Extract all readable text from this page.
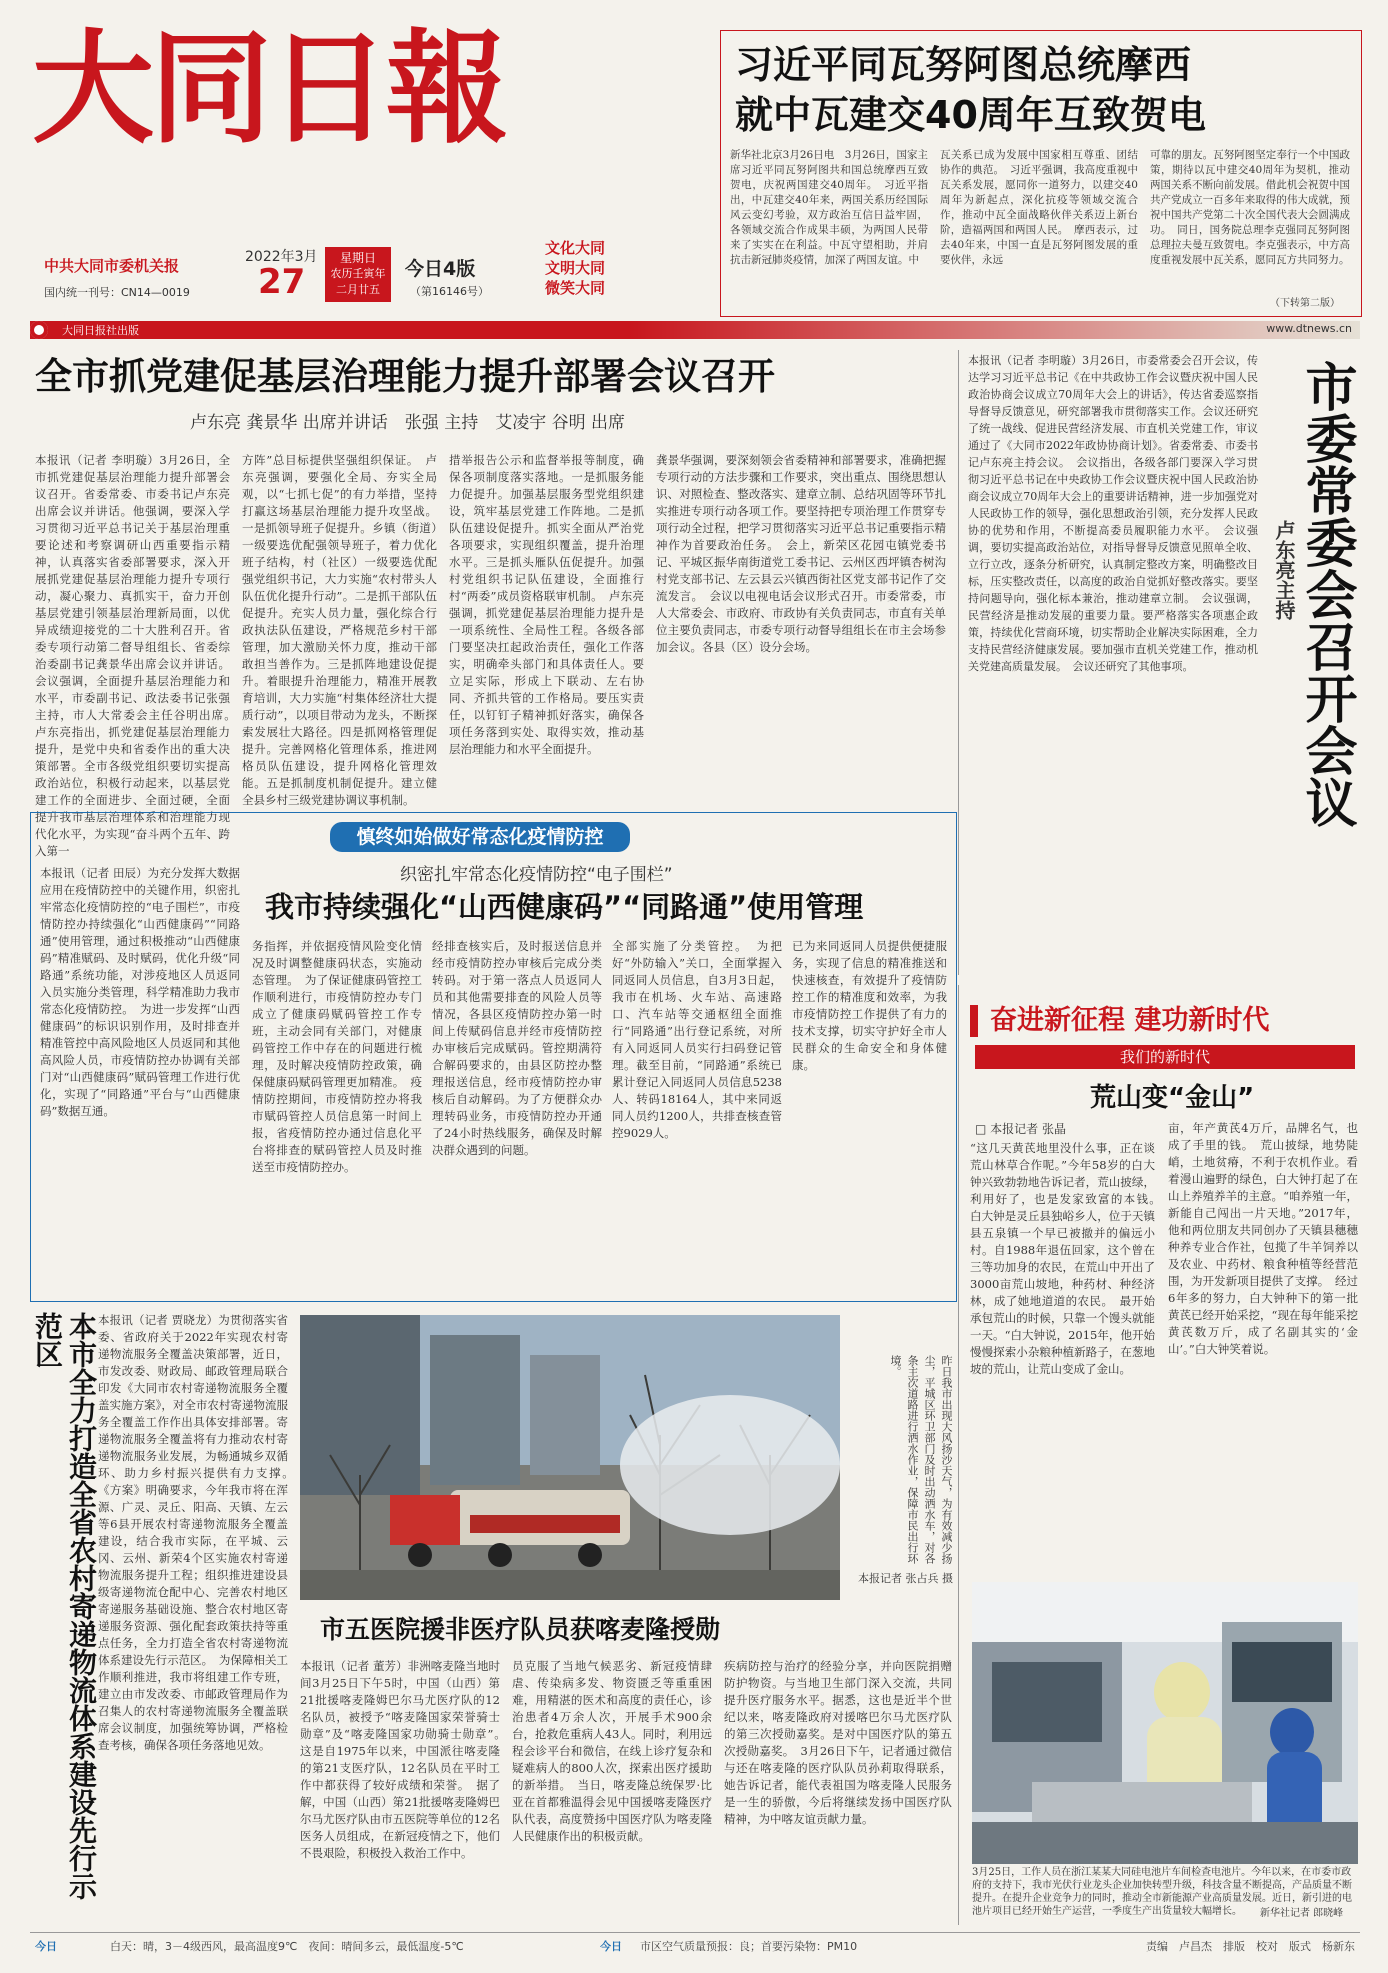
大同日報
中共大同市委机关报
国内统一刊号：CN14—0019
2022年3月
27
星期日
农历壬寅年
二月廿五
今日4版
（第16146号）
文化大同
文明大同
微笑大同
大同日报社出版	www.dtnews.cn
习近平同瓦努阿图总统摩西
就中瓦建交40周年互致贺电
新华社北京3月26日电　3月26日，国家主席习近平同瓦努阿图共和国总统摩西互致贺电，庆祝两国建交40周年。　习近平指出，中瓦建交40年来，两国关系历经国际风云变幻考验，双方政治互信日益牢固，各领域交流合作成果丰硕，为两国人民带来了实实在在利益。中瓦守望相助，并肩抗击新冠肺炎疫情，加深了两国友谊。中
瓦关系已成为发展中国家相互尊重、团结协作的典范。　习近平强调，我高度重视中瓦关系发展，愿同你一道努力，以建交40周年为新起点，深化抗疫等领域交流合作，推动中瓦全面战略伙伴关系迈上新台阶，造福两国和两国人民。　摩西表示，过去40年来，中国一直是瓦努阿图发展的重要伙伴，永远
可靠的朋友。瓦努阿图坚定奉行一个中国政策，期待以瓦中建交40周年为契机，推动两国关系不断向前发展。借此机会祝贺中国共产党成立一百多年来取得的伟大成就，预祝中国共产党第二十次全国代表大会圆满成功。　同日，国务院总理李克强同瓦努阿图总理拉夫曼互致贺电。李克强表示，中方高度重视发展中瓦关系，愿同瓦方共同努力。
（下转第二版）
全市抓党建促基层治理能力提升部署会议召开
卢东亮 龚景华 出席并讲话　张强 主持　艾凌宇 谷明 出席
本报讯（记者 李明璇）3月26日，全市抓党建促基层治理能力提升部署会议召开。省委常委、市委书记卢东亮出席会议并讲话。他强调，要深入学习贯彻习近平总书记关于基层治理重要论述和考察调研山西重要指示精神，认真落实省委部署要求，深入开展抓党建促基层治理能力提升专项行动，凝心聚力、真抓实干，奋力开创基层党建引领基层治理新局面，以优异成绩迎接党的二十大胜利召开。省委专项行动第二督导组组长、省委综治委副书记龚景华出席会议并讲话。会议强调，全面提升基层治理能力和水平，市委副书记、政法委书记张强主持，市人大常委会主任谷明出席。　卢东亮指出，抓党建促基层治理能力提升，是党中央和省委作出的重大决策部署。全市各级党组织要切实提高政治站位，积极行动起来，以基层党建工作的全面进步、全面过硬，全面提升我市基层治理体系和治理能力现代化水平，为实现“奋斗两个五年、跨入第一
方阵”总目标提供坚强组织保证。　卢东亮强调，要强化全局、夯实全局观，以“七抓七促”的有力举措，坚持打赢这场基层治理能力提升攻坚战。一是抓领导班子促提升。乡镇（街道）一级要选优配强领导班子，着力优化班子结构，村（社区）一级要选优配强党组织书记，大力实施“农村带头人队伍优化提升行动”。二是抓干部队伍促提升。充实人员力量，强化综合行政执法队伍建设，严格规范乡村干部管理，加大激励关怀力度，推动干部敢担当善作为。三是抓阵地建设促提升。着眼提升治理能力，精准开展教育培训，大力实施“村集体经济壮大提质行动”，以项目带动为龙头，不断探索发展壮大路径。四是抓网格管理促提升。完善网格化管理体系，推进网格员队伍建设，提升网格化管理效能。五是抓制度机制促提升。建立健全县乡村三级党建协调议事机制。
措举报告公示和监督举报等制度，确保各项制度落实落地。一是抓服务能力促提升。加强基层服务型党组织建设，筑牢基层党建工作阵地。二是抓队伍建设促提升。抓实全面从严治党各项要求，实现组织覆盖，提升治理水平。三是抓头雁队伍促提升。加强村党组织书记队伍建设，全面推行村“两委”成员资格联审机制。　卢东亮强调，抓党建促基层治理能力提升是一项系统性、全局性工程。各级各部门要坚决扛起政治责任，强化工作落实，明确牵头部门和具体责任人。要立足实际，形成上下联动、左右协同、齐抓共管的工作格局。要压实责任，以钉钉子精神抓好落实，确保各项任务落到实处、取得实效，推动基层治理能力和水平全面提升。
龚景华强调，要深刻领会省委精神和部署要求，准确把握专项行动的方法步骤和工作要求，突出重点、围绕思想认识、对照检查、整改落实、建章立制、总结巩固等环节扎实推进专项行动各项工作。要坚持把专项治理工作贯穿专项行动全过程，把学习贯彻落实习近平总书记重要指示精神作为首要政治任务。　会上，新荣区花园屯镇党委书记、平城区振华南街道党工委书记、云州区西坪镇杏树沟村党支部书记、左云县云兴镇西街社区党支部书记作了交流发言。　会议以电视电话会议形式召开。市委常委，市人大常委会、市政府、市政协有关负责同志，市直有关单位主要负责同志，市委专项行动督导组组长在市主会场参加会议。各县（区）设分会场。
本报讯（记者 李明璇）3月26日，市委常委会召开会议，传达学习习近平总书记《在中共政协工作会议暨庆祝中国人民政治协商会议成立70周年大会上的讲话》，传达省委巡察指导督导反馈意见，研究部署我市贯彻落实工作。会议还研究了统一战线、促进民营经济发展、市直机关党建工作，审议通过了《大同市2022年政协协商计划》。省委常委、市委书记卢东亮主持会议。　会议指出，各级各部门要深入学习贯彻习近平总书记在中央政协工作会议暨庆祝中国人民政治协商会议成立70周年大会上的重要讲话精神，进一步加强党对人民政协工作的领导，强化思想政治引领，充分发挥人民政协的优势和作用，不断提高委员履职能力水平。　会议强调，要切实提高政治站位，对指导督导反馈意见照单全收、立行立改，逐条分析研究，认真制定整改方案，明确整改目标，压实整改责任，以高度的政治自觉抓好整改落实。要坚持问题导向，强化标本兼治，推动建章立制。　会议强调，民营经济是推动发展的重要力量。要严格落实各项惠企政策，持续优化营商环境，切实帮助企业解决实际困难，全力支持民营经济健康发展。要加强市直机关党建工作，推动机关党建高质量发展。　会议还研究了其他事项。	市委常委会召开会议
卢东亮主持
慎终如始做好常态化疫情防控
织密扎牢常态化疫情防控“电子围栏”
我市持续强化“山西健康码”“同路通”使用管理
本报讯（记者 田辰）为充分发挥大数据应用在疫情防控中的关键作用，织密扎牢常态化疫情防控的“电子围栏”，市疫情防控办持续强化“山西健康码”“同路通”使用管理，通过积极推动“山西健康码”精准赋码、及时赋码，优化升级“同路通”系统功能，对涉疫地区人员返同入员实施分类管理，科学精准助力我市常态化疫情防控。　为进一步发挥“山西健康码”的标识识别作用，及时排查并精准管控中高风险地区人员返同和其他高风险人员，市疫情防控办协调有关部门对“山西健康码”赋码管理工作进行优化，实现了“同路通”平台与“山西健康码”数据互通。
务指挥，并依据疫情风险变化情况及时调整健康码状态，实施动态管理。　为了保证健康码管控工作顺利进行，市疫情防控办专门成立了健康码赋码管控工作专班，主动会同有关部门，对健康码管控工作中存在的问题进行梳理，及时解决疫情防控政策，确保健康码赋码管理更加精准。　疫情防控期间，市疫情防控办将我市赋码管控人员信息第一时间上报，省疫情防控办通过信息化平台将排查的赋码管控人员及时推送至市疫情防控办。
经排查核实后，及时报送信息并经市疫情防控办审核后完成分类转码。对于第一落点人员返同人员和其他需要排查的风险人员等情况，各县区疫情防控办第一时间上传赋码信息并经市疫情防控办审核后完成赋码。管控期满符合解码要求的，由县区防控办整理报送信息，经市疫情防控办审核后自动解码。为了方便群众办理转码业务，市疫情防控办开通了24小时热线服务，确保及时解决群众遇到的问题。
全部实施了分类管控。　为把好“外防输入”关口，全面掌握入同返同人员信息，自3月3日起，我市在机场、火车站、高速路口、汽车站等交通枢纽全面推行“同路通”出行登记系统，对所有入同返同人员实行扫码登记管理。截至目前，“同路通”系统已累计登记入同返同人员信息5238人、转码18164人，其中来同返同人员约1200人，共排查核查管控9029人。
已为来同返同人员提供便捷服务，实现了信息的精准推送和快速核查，有效提升了疫情防控工作的精准度和效率，为我市疫情防控工作提供了有力的技术支撑，切实守护好全市人民群众的生命安全和身体健康。
本市全力打造全省农村寄递物流体系建设先行示范区	本报讯（记者 贾晓龙）为贯彻落实省委、省政府关于2022年实现农村寄递物流服务全覆盖决策部署，近日，市发改委、财政局、邮政管理局联合印发《大同市农村寄递物流服务全覆盖实施方案》，对全市农村寄递物流服务全覆盖工作作出具体安排部署。寄递物流服务全覆盖将有力推动农村寄递物流服务业发展，为畅通城乡双循环、助力乡村振兴提供有力支撑。　《方案》明确要求，今年我市将在浑源、广灵、灵丘、阳高、天镇、左云等6县开展农村寄递物流服务全覆盖建设，结合我市实际，在平城、云冈、云州、新荣4个区实施农村寄递物流服务提升工程；组织推进建设县级寄递物流仓配中心、完善农村地区寄递服务基础设施、整合农村地区寄递服务资源、强化配套政策扶持等重点任务，全力打造全省农村寄递物流体系建设先行示范区。　为保障相关工作顺利推进，我市将组建工作专班，建立由市发改委、市邮政管理局作为召集人的农村寄递物流服务全覆盖联席会议制度，加强统筹协调，严格检查考核，确保各项任务落地见效。
昨日我市出现大风扬沙天气，为有效减少扬尘，平城区环卫部门及时出动洒水车，对各条主次道路进行洒水作业，保障市民出行环境。
本报记者 张占兵 摄
市五医院援非医疗队员获喀麦隆授勋
本报讯（记者 董芳）非洲喀麦隆当地时间3月25日下午5时，中国（山西）第21批援喀麦隆姆巴尔马尤医疗队的12名队员，被授予“喀麦隆国家荣誉骑士勋章”及“喀麦隆国家功勋骑士勋章”。　这是自1975年以来，中国派往喀麦隆的第21支医疗队，12名队员在平时工作中都获得了较好成绩和荣誉。　据了解，中国（山西）第21批援喀麦隆姆巴尔马尤医疗队由市五医院等单位的12名医务人员组成，在新冠疫情之下，他们不畏艰险，积极投入救治工作中。
员克服了当地气候恶劣、新冠疫情肆虐、传染病多发、物资匮乏等重重困难，用精湛的医术和高度的责任心，诊治患者4万余人次，开展手术900余台，抢救危重病人43人。同时，利用远程会诊平台和微信，在线上诊疗复杂和疑难病人的800人次，探索出医疗援助的新举措。　当日，喀麦隆总统保罗·比亚在首都雅温得会见中国援喀麦隆医疗队代表，高度赞扬中国医疗队为喀麦隆人民健康作出的积极贡献。
疾病防控与治疗的经验分享，并向医院捐赠防护物资。与当地卫生部门深入交流，共同提升医疗服务水平。据悉，这也是近半个世纪以来，喀麦隆政府对援喀巴尔马尤医疗队的第三次授勋嘉奖。是对中国医疗队的第五次授勋嘉奖。　3月26日下午，记者通过微信与还在喀麦隆的医疗队队员孙莉取得联系，她告诉记者，能代表祖国为喀麦隆人民服务是一生的骄傲，今后将继续发扬中国医疗队精神，为中喀友谊贡献力量。
奋进新征程 建功新时代
我们的新时代
荒山变“金山”
□ 本报记者 张晶
“这几天黄芪地里没什么事，正在谈荒山林草合作呢。”今年58岁的白大钟兴致勃勃地告诉记者，荒山披绿，利用好了，也是发家致富的本钱。　白大钟是灵丘县独峪乡人，位于天镇县五泉镇一个早已被撤并的偏远小村。自1988年退伍回家，这个曾在三等功加身的农民，在荒山中开出了3000亩荒山坡地，种药材、种经济林，成了她地道道的农民。　最开始承包荒山的时候，只靠一个馒头就能一天。“白大钟说，2015年，他开始慢慢探索小杂粮种植新路子，在葱地坡的荒山，让荒山变成了金山。
亩，年产黄芪4万斤，品牌名气，也成了手里的钱。　荒山披绿，地势陡峭，土地贫瘠，不利于农机作业。看着漫山遍野的绿色，白大钟打起了在山上养殖养羊的主意。“咱养殖一年，新能自己闯出一片天地。”2017年，他和两位朋友共同创办了天镇县穗穗种养专业合作社，包揽了牛羊饲养以及农业、中药材、粮食种植等经营范围，为开发新项目提供了支撑。　经过6年多的努力，白大钟种下的第一批黄芪已经开始采挖，“现在每年能采挖黄芪数万斤，成了名副其实的‘金山’。”白大钟笑着说。
3月25日，工作人员在浙江某某大同硅电池片车间检查电池片。今年以来，在市委市政府的支持下，我市光伏行业龙头企业加快转型升级，科技含量不断提高，产品质量不断提升。在提升企业竞争力的同时，推动全市新能源产业高质量发展。近日，新引进的电池片项目已经开始生产运营，一季度生产出货量较大幅增长。	新华社记者 郎晓峰
今日	白天：晴，3－4级西风，最高温度9℃　夜间：晴间多云，最低温度-5℃	今日 市区空气质量预报：良；首要污染物：PM10	责编　卢昌杰　排版　校对　版式　杨新东
